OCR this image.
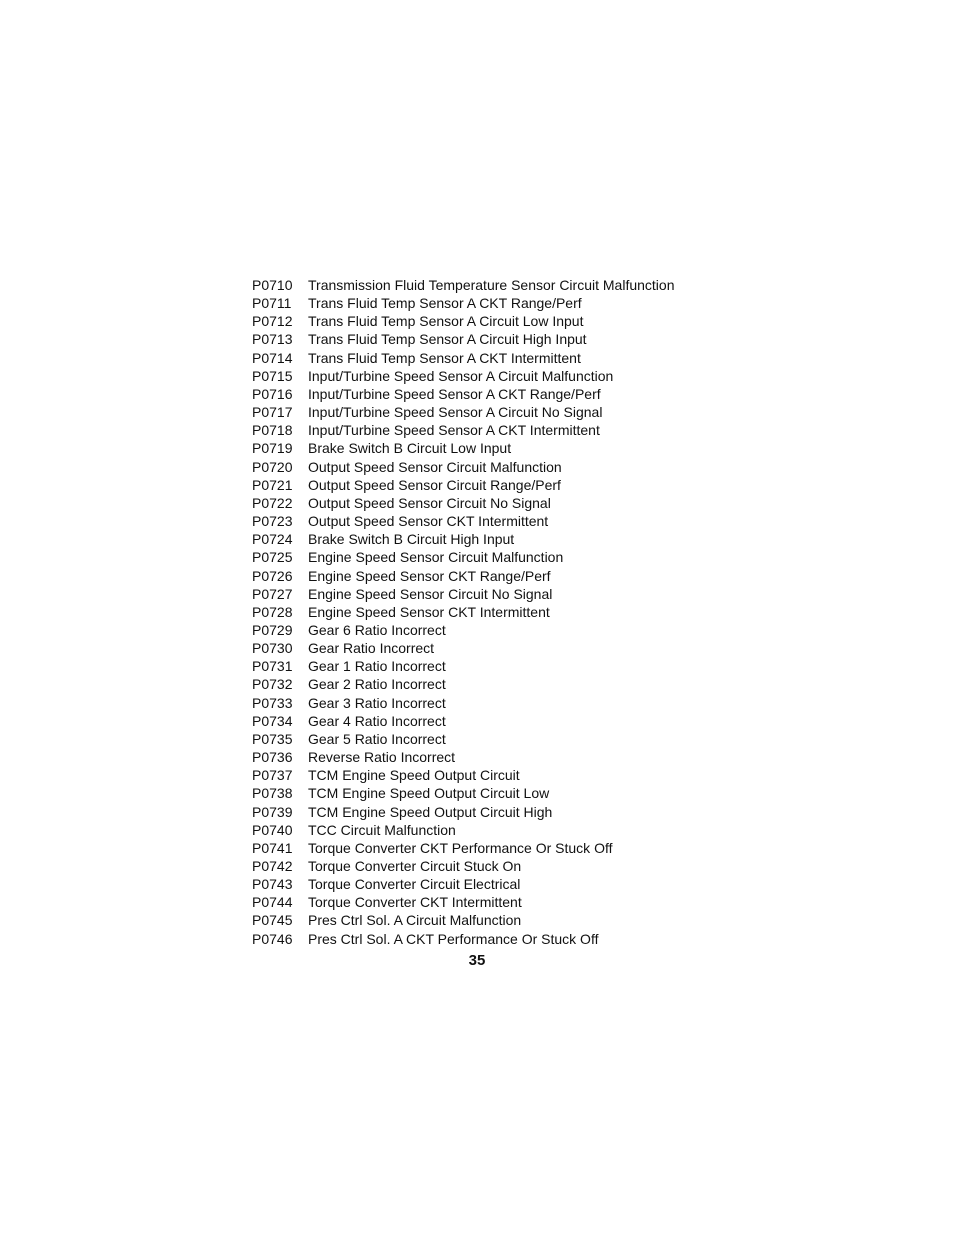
P0710	Transmission Fluid Temperature Sensor Circuit Malfunction
P0711	Trans Fluid Temp Sensor A CKT Range/Perf
P0712	Trans Fluid Temp Sensor A Circuit Low Input
P0713	Trans Fluid Temp Sensor A Circuit High Input
P0714	Trans Fluid Temp Sensor A CKT Intermittent
P0715	Input/Turbine Speed Sensor A Circuit Malfunction
P0716	Input/Turbine Speed Sensor A CKT Range/Perf
P0717	Input/Turbine Speed Sensor A Circuit No Signal
P0718	Input/Turbine Speed Sensor A CKT Intermittent
P0719	Brake Switch B Circuit Low Input
P0720	Output Speed Sensor Circuit Malfunction
P0721	Output Speed Sensor Circuit Range/Perf
P0722	Output Speed Sensor Circuit No Signal
P0723	Output Speed Sensor CKT Intermittent
P0724	Brake Switch B Circuit High Input
P0725	Engine Speed Sensor Circuit Malfunction
P0726	Engine Speed Sensor CKT Range/Perf
P0727	Engine Speed Sensor Circuit No Signal
P0728	Engine Speed Sensor CKT Intermittent
P0729	Gear 6 Ratio Incorrect
P0730	Gear Ratio Incorrect
P0731	Gear 1 Ratio Incorrect
P0732	Gear 2 Ratio Incorrect
P0733	Gear 3 Ratio Incorrect
P0734	Gear 4 Ratio Incorrect
P0735	Gear 5 Ratio Incorrect
P0736	Reverse Ratio Incorrect
P0737	TCM Engine Speed Output Circuit
P0738	TCM Engine Speed Output Circuit Low
P0739	TCM Engine Speed Output Circuit High
P0740	TCC Circuit Malfunction
P0741	Torque Converter CKT Performance Or Stuck Off
P0742	Torque Converter Circuit Stuck On
P0743	Torque Converter Circuit Electrical
P0744	Torque Converter CKT Intermittent
P0745	Pres Ctrl Sol. A Circuit Malfunction
P0746	Pres Ctrl Sol. A CKT Performance Or Stuck Off
35
